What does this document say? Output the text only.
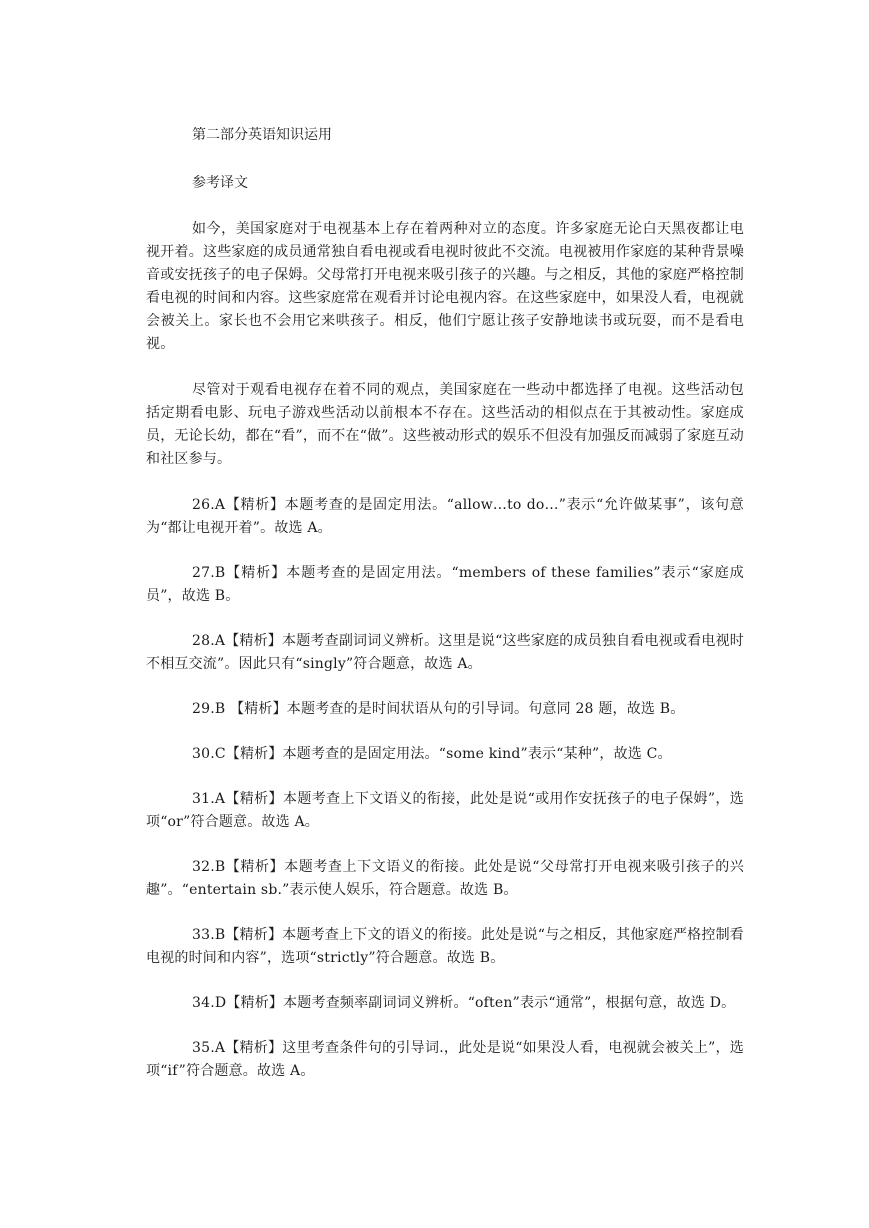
第二部分英语知识运用

参考译文

如今，美国家庭对于电视基本上存在着两种对立的态度。许多家庭无论白天黑夜都让电视开着。这些家庭的成员通常独自看电视或看电视时彼此不交流。电视被用作家庭的某种背景噪音或安抚孩子的电子保姆。父母常打开电视来吸引孩子的兴趣。与之相反，其他的家庭严格控制看电视的时间和内容。这些家庭常在观看并讨论电视内容。在这些家庭中，如果没人看，电视就会被关上。家长也不会用它来哄孩子。相反，他们宁愿让孩子安静地读书或玩耍，而不是看电视。

尽管对于观看电视存在着不同的观点，美国家庭在一些动中都选择了电视。这些活动包括定期看电影、玩电子游戏些活动以前根本不存在。这些活动的相似点在于其被动性。家庭成员，无论长幼，都在“看”，而不在“做”。这些被动形式的娱乐不但没有加强反而减弱了家庭互动和社区参与。

26.A【精析】本题考查的是固定用法。“allow…to do…”表示“允许做某事”，该句意为“都让电视开着”。故选 A。

27.B【精析】本题考查的是固定用法。“members of these families”表示“家庭成员”，故选 B。

28.A【精析】本题考查副词词义辨析。这里是说“这些家庭的成员独自看电视或看电视时不相互交流”。因此只有“singly”符合题意，故选 A。

29.B 【精析】本题考查的是时间状语从句的引导词。句意同 28 题，故选 B。

30.C【精析】本题考查的是固定用法。“some kind”表示“某种”，故选 C。

31.A【精析】本题考查上下文语义的衔接，此处是说“或用作安抚孩子的电子保姆”，选项“or”符合题意。故选 A。

32.B【精析】本题考查上下文语义的衔接。此处是说“父母常打开电视来吸引孩子的兴趣”。“entertain sb.”表示使人娱乐，符合题意。故选 B。

33.B【精析】本题考查上下文的语义的衔接。此处是说“与之相反，其他家庭严格控制看电视的时间和内容”，选项“strictly”符合题意。故选 B。

34.D【精析】本题考查频率副词词义辨析。“often”表示“通常”，根据句意，故选 D。

35.A【精析】这里考查条件句的引导词.，此处是说“如果没人看，电视就会被关上”，选项“if”符合题意。故选 A。
